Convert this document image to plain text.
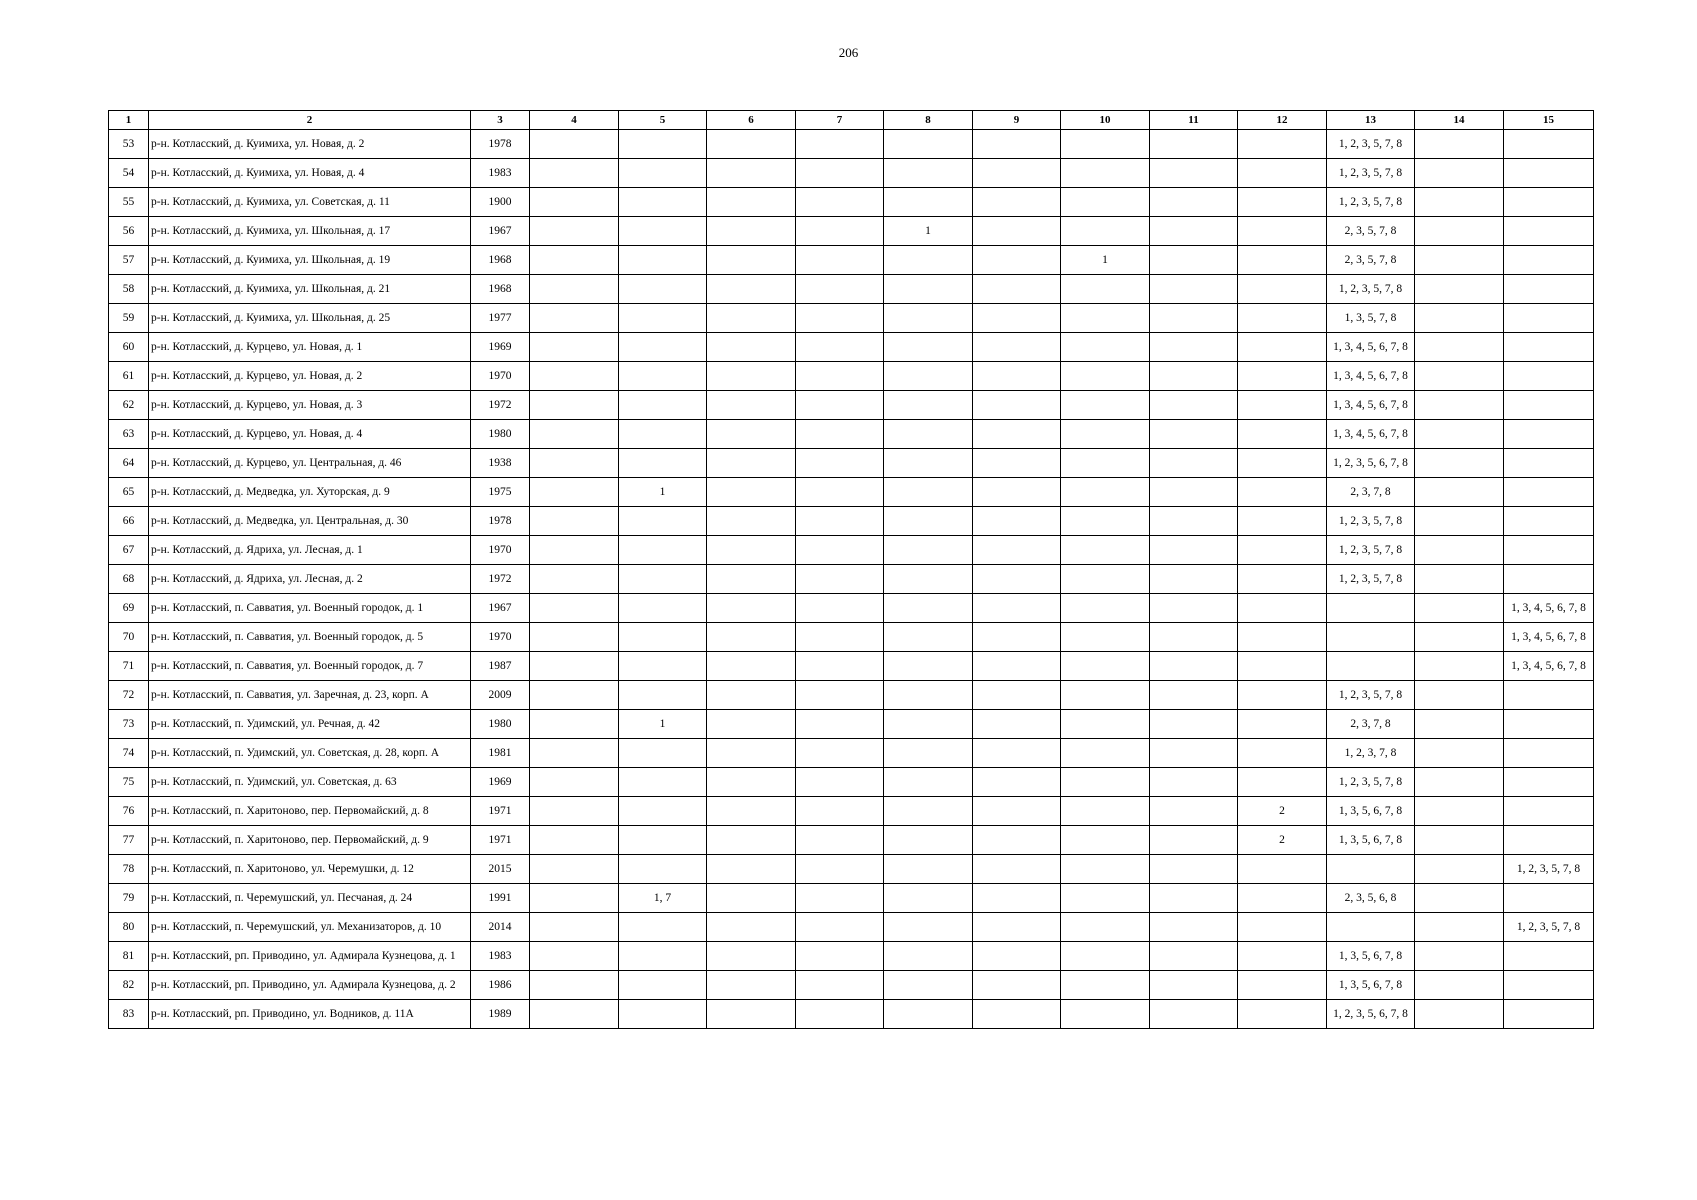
206
1	2	3	4	5	6	7	8	9	10	11	12	13	14	15
53	р-н. Котласский, д. Куимиха, ул. Новая, д. 2	1978										1, 2, 3, 5, 7, 8		
54	р-н. Котласский, д. Куимиха, ул. Новая, д. 4	1983										1, 2, 3, 5, 7, 8		
55	р-н. Котласский, д. Куимиха, ул. Советская, д. 11	1900										1, 2, 3, 5, 7, 8		
56	р-н. Котласский, д. Куимиха, ул. Школьная, д. 17	1967					1					2, 3, 5, 7, 8		
57	р-н. Котласский, д. Куимиха, ул. Школьная, д. 19	1968							1			2, 3, 5, 7, 8		
58	р-н. Котласский, д. Куимиха, ул. Школьная, д. 21	1968										1, 2, 3, 5, 7, 8		
59	р-н. Котласский, д. Куимиха, ул. Школьная, д. 25	1977										1, 3, 5, 7, 8		
60	р-н. Котласский, д. Курцево, ул. Новая, д. 1	1969										1, 3, 4, 5, 6, 7, 8		
61	р-н. Котласский, д. Курцево, ул. Новая, д. 2	1970										1, 3, 4, 5, 6, 7, 8		
62	р-н. Котласский, д. Курцево, ул. Новая, д. 3	1972										1, 3, 4, 5, 6, 7, 8		
63	р-н. Котласский, д. Курцево, ул. Новая, д. 4	1980										1, 3, 4, 5, 6, 7, 8		
64	р-н. Котласский, д. Курцево, ул. Центральная, д. 46	1938										1, 2, 3, 5, 6, 7, 8		
65	р-н. Котласский, д. Медведка, ул. Хуторская, д. 9	1975		1								2, 3, 7, 8		
66	р-н. Котласский, д. Медведка, ул. Центральная, д. 30	1978										1, 2, 3, 5, 7, 8		
67	р-н. Котласский, д. Ядриха, ул. Лесная, д. 1	1970										1, 2, 3, 5, 7, 8		
68	р-н. Котласский, д. Ядриха, ул. Лесная, д. 2	1972										1, 2, 3, 5, 7, 8		
69	р-н. Котласский, п. Савватия, ул. Военный городок, д. 1	1967												1, 3, 4, 5, 6, 7, 8
70	р-н. Котласский, п. Савватия, ул. Военный городок, д. 5	1970												1, 3, 4, 5, 6, 7, 8
71	р-н. Котласский, п. Савватия, ул. Военный городок, д. 7	1987												1, 3, 4, 5, 6, 7, 8
72	р-н. Котласский, п. Савватия, ул. Заречная, д. 23, корп. А	2009										1, 2, 3, 5, 7, 8		
73	р-н. Котласский, п. Удимский, ул. Речная, д. 42	1980		1								2, 3, 7, 8		
74	р-н. Котласский, п. Удимский, ул. Советская, д. 28, корп. А	1981										1, 2, 3, 7, 8		
75	р-н. Котласский, п. Удимский, ул. Советская, д. 63	1969										1, 2, 3, 5, 7, 8		
76	р-н. Котласский, п. Харитоново, пер. Первомайский, д. 8	1971									2	1, 3, 5, 6, 7, 8		
77	р-н. Котласский, п. Харитоново, пер. Первомайский, д. 9	1971									2	1, 3, 5, 6, 7, 8		
78	р-н. Котласский, п. Харитоново, ул. Черемушки, д. 12	2015												1, 2, 3, 5, 7, 8
79	р-н. Котласский, п. Черемушский, ул. Песчаная, д. 24	1991		1, 7								2, 3, 5, 6, 8		
80	р-н. Котласский, п. Черемушский, ул. Механизаторов, д. 10	2014												1, 2, 3, 5, 7, 8
81	р-н. Котласский, рп. Приводино, ул. Адмирала Кузнецова, д. 1	1983										1, 3, 5, 6, 7, 8		
82	р-н. Котласский, рп. Приводино, ул. Адмирала Кузнецова, д. 2	1986										1, 3, 5, 6, 7, 8		
83	р-н. Котласский, рп. Приводино, ул. Водников, д. 11А	1989										1, 2, 3, 5, 6, 7, 8		
